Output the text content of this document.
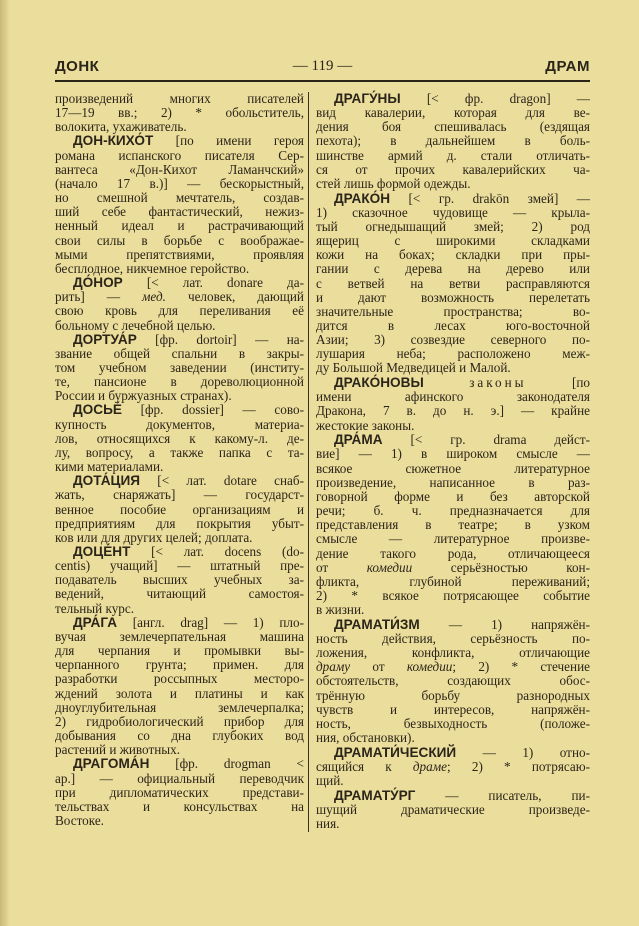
ДОНК	— 119 —	ДРАМ
произведений многих писателей
17—19 вв.; 2) * обольститель,
волокита, ухаживатель.
ДОН-КИХО́Т [по имени героя
романа испанского писателя Сер-
вантеса «Дон-Кихот Ламанчский»
(начало 17 в.)] — бескорыстный,
но смешной мечтатель, создав-
ший себе фантастический, нежиз-
ненный идеал и растрачивающий
свои силы в борьбе с воображае-
мыми препятствиями, проявляя
бесплодное, никчемное геройство.
ДО́НОР [< лат. donare да-
рить] — мед. человек, дающий
свою кровь для переливания её
больному с лечебной целью.
ДОРТУА́Р [фр. dortoir] — на-
звание общей спальни в закры-
том учебном заведении (институ-
те, пансионе в дореволюционной
России и буржуазных странах).
ДОСЬЕ́ [фр. dossier] — сово-
купность документов, материа-
лов, относящихся к какому-л. де-
лу, вопросу, а также папка с та-
кими материалами.
ДОТА́ЦИЯ [< лат. dotare снаб-
жать, снаряжать] — государст-
венное пособие организациям и
предприятиям для покрытия убыт-
ков или для других целей; доплата.
ДОЦЕ́НТ [< лат. docens (do-
centis) учащий] — штатный пре-
подаватель высших учебных за-
ведений, читающий самостоя-
тельный курс.
ДРА́ГА [англ. drag] — 1) пло-
вучая землечерпательная машина
для черпания и промывки вы-
черпанного грунта; примен. для
разработки россыпных месторо-
ждений золота и платины и как
дноуглубительная землечерпалка;
2) гидробиологический прибор для
добывания со дна глубоких вод
растений и животных.
ДРАГОМА́Н [фр. drogman <
ар.] — официальный переводчик
при дипломатических представи-
тельствах и консульствах на
Востоке.
ДРАГУ́НЫ [< фр. dragon] —
вид кавалерии, которая для ве-
дения боя спешивалась (ездящая
пехота); в дальнейшем в боль-
шинстве армий д. стали отличать-
ся от прочих кавалерийских ча-
стей лишь формой одежды.
ДРАКО́Н [< гр. drakōn змей] —
1) сказочное чудовище — крыла-
тый огнедышащий змей; 2) род
ящериц с широкими складками
кожи на боках; складки при пры-
гании с дерева на дерево или
с ветвей на ветви расправляются
и дают возможность перелетать
значительные пространства; во-
дится в лесах юго-восточной
Азии; 3) созвездие северного по-
лушария неба; расположено меж-
ду Большой Медведицей и Малой.
ДРАКО́НОВЫ	законы [по
имени афинского законодателя
Дракона, 7 в. до н. э.] — крайне
жестокие законы.
ДРА́МА [< гр. drama дейст-
вие] — 1) в широком смысле —
всякое сюжетное литературное
произведение, написанное в раз-
говорной форме и без авторской
речи; б. ч. предназначается для
представления в театре; в узком
смысле — литературное произве-
дение такого рода, отличающееся
от комедии серьёзностью кон-
фликта, глубиной переживаний;
2) * всякое потрясающее событие
в жизни.
ДРАМАТИ́ЗМ — 1) напряжён-
ность действия, серьёзность по-
ложения, конфликта, отличающие
драму от комедии; 2) * стечение
обстоятельств, создающих обос-
трённую борьбу разнородных
чувств и интересов, напряжён-
ность, безвыходность (положе-
ния, обстановки).
ДРАМАТИ́ЧЕСКИЙ — 1) отно-
сящийся к драме; 2) * потрясаю-
щий.
ДРАМАТУ́РГ — писатель, пи-
шущий драматические произведе-
ния.
